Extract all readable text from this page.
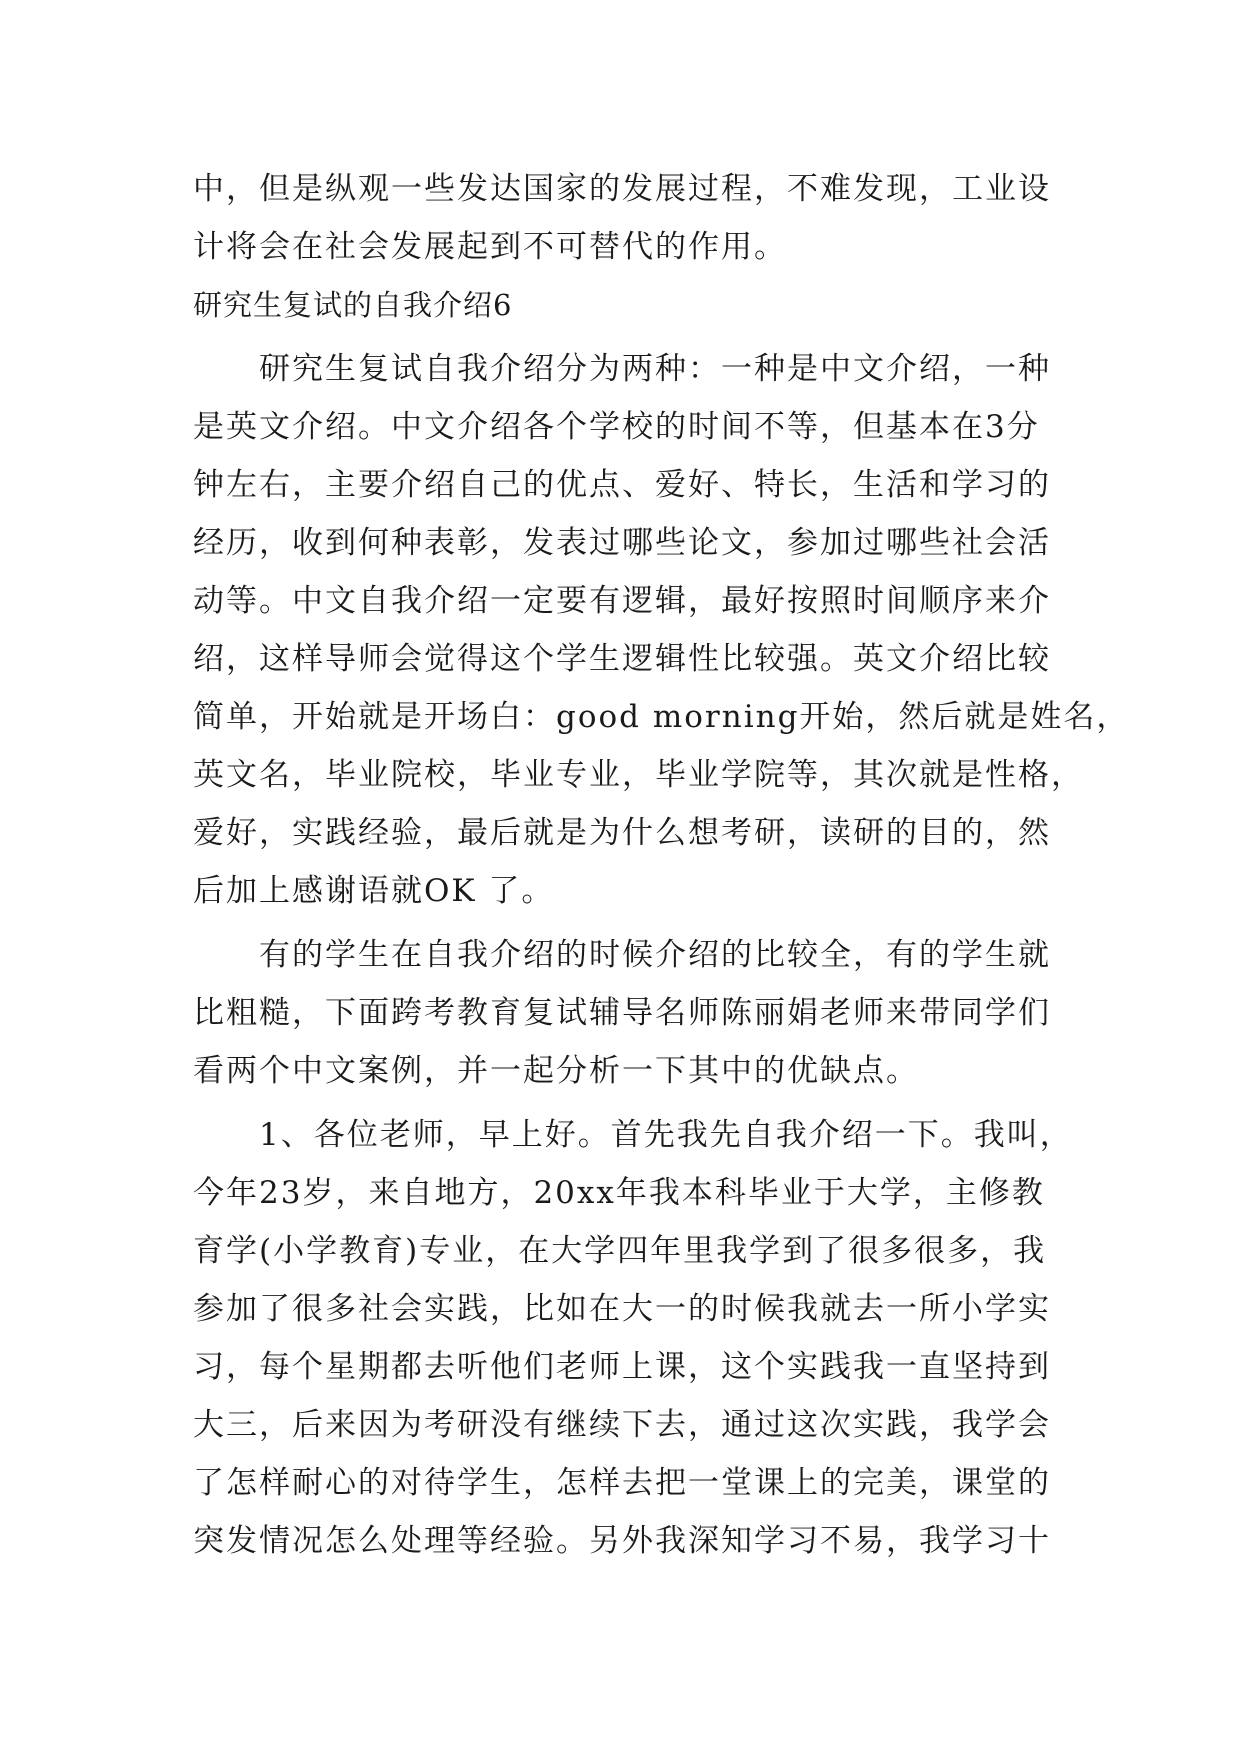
中，但是纵观一些发达国家的发展过程，不难发现，工业设
计将会在社会发展起到不可替代的作用。
研究生复试的自我介绍6
　　研究生复试自我介绍分为两种：一种是中文介绍，一种
是英文介绍。中文介绍各个学校的时间不等，但基本在3分
钟左右，主要介绍自己的优点、爱好、特长，生活和学习的
经历，收到何种表彰，发表过哪些论文，参加过哪些社会活
动等。中文自我介绍一定要有逻辑，最好按照时间顺序来介
绍，这样导师会觉得这个学生逻辑性比较强。英文介绍比较
简单，开始就是开场白：good morning开始，然后就是姓名，
英文名，毕业院校，毕业专业，毕业学院等，其次就是性格，
爱好，实践经验，最后就是为什么想考研，读研的目的，然
后加上感谢语就OK 了。
　　有的学生在自我介绍的时候介绍的比较全，有的学生就
比粗糙，下面跨考教育复试辅导名师陈丽娟老师来带同学们
看两个中文案例，并一起分析一下其中的优缺点。
　　1、各位老师，早上好。首先我先自我介绍一下。我叫，
今年23岁，来自地方，20xx年我本科毕业于大学，主修教
育学(小学教育)专业，在大学四年里我学到了很多很多，我
参加了很多社会实践，比如在大一的时候我就去一所小学实
习，每个星期都去听他们老师上课，这个实践我一直坚持到
大三，后来因为考研没有继续下去，通过这次实践，我学会
了怎样耐心的对待学生，怎样去把一堂课上的完美，课堂的
突发情况怎么处理等经验。另外我深知学习不易，我学习十
